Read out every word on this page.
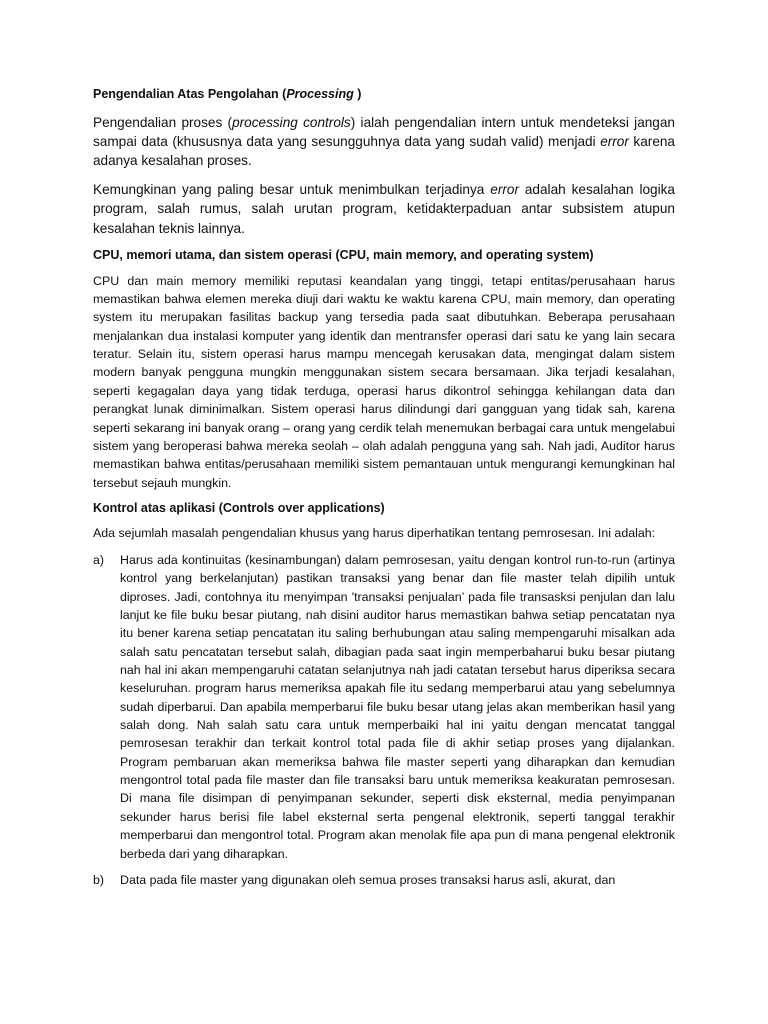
Pengendalian Atas Pengolahan (Processing )

Pengendalian proses (processing controls) ialah pengendalian intern untuk mendeteksi jangan sampai data (khususnya data yang sesungguhnya data yang sudah valid) menjadi error karena adanya kesalahan proses.

Kemungkinan yang paling besar untuk menimbulkan terjadinya error adalah kesalahan logika program, salah rumus, salah urutan program, ketidakterpaduan antar subsistem atupun kesalahan teknis lainnya.

CPU, memori utama, dan sistem operasi (CPU, main memory, and operating system)

CPU dan main memory memiliki reputasi keandalan yang tinggi, tetapi entitas/perusahaan harus memastikan bahwa elemen mereka diuji dari waktu ke waktu karena CPU, main memory, dan operating system itu merupakan fasilitas backup yang tersedia pada saat dibutuhkan. Beberapa perusahaan menjalankan dua instalasi komputer yang identik dan mentransfer operasi dari satu ke yang lain secara teratur. Selain itu, sistem operasi harus mampu mencegah kerusakan data, mengingat dalam sistem modern banyak pengguna mungkin menggunakan sistem secara bersamaan. Jika terjadi kesalahan, seperti kegagalan daya yang tidak terduga, operasi harus dikontrol sehingga kehilangan data dan perangkat lunak diminimalkan. Sistem operasi harus dilindungi dari gangguan yang tidak sah, karena seperti sekarang ini banyak orang – orang yang cerdik telah menemukan berbagai cara untuk mengelabui sistem yang beroperasi bahwa mereka seolah – olah adalah pengguna yang sah. Nah jadi, Auditor harus memastikan bahwa entitas/perusahaan memiliki sistem pemantauan untuk mengurangi kemungkinan hal tersebut sejauh mungkin.

Kontrol atas aplikasi (Controls over applications)

Ada sejumlah masalah pengendalian khusus yang harus diperhatikan tentang pemrosesan. Ini adalah:

a)	Harus ada kontinuitas (kesinambungan) dalam pemrosesan, yaitu dengan kontrol run-to-run (artinya kontrol yang berkelanjutan) pastikan transaksi yang benar dan file master telah dipilih untuk diproses. Jadi, contohnya itu menyimpan 'transaksi penjualan’ pada file transasksi penjulan dan lalu lanjut ke file buku besar piutang, nah disini auditor harus memastikan bahwa setiap pencatatan nya itu bener karena setiap pencatatan itu saling berhubungan atau saling mempengaruhi misalkan ada salah satu pencatatan tersebut salah, dibagian pada saat ingin memperbaharui buku besar piutang nah hal ini akan mempengaruhi catatan selanjutnya nah jadi catatan tersebut harus diperiksa secara keseluruhan. program harus memeriksa apakah file itu sedang memperbarui atau yang sebelumnya sudah diperbarui. Dan apabila memperbarui file buku besar utang jelas akan memberikan hasil yang salah dong. Nah salah satu cara untuk memperbaiki hal ini yaitu dengan mencatat tanggal pemrosesan terakhir dan terkait kontrol total pada file di akhir setiap proses yang dijalankan. Program pembaruan akan memeriksa bahwa file master seperti yang diharapkan dan kemudian mengontrol total pada file master dan file transaksi baru untuk memeriksa keakuratan pemrosesan. Di mana file disimpan di penyimpanan sekunder, seperti disk eksternal, media penyimpanan sekunder harus berisi file label eksternal serta pengenal elektronik, seperti tanggal terakhir memperbarui dan mengontrol total. Program akan menolak file apa pun di mana pengenal elektronik berbeda dari yang diharapkan.
b)	Data pada file master yang digunakan oleh semua proses transaksi harus asli, akurat, dan
